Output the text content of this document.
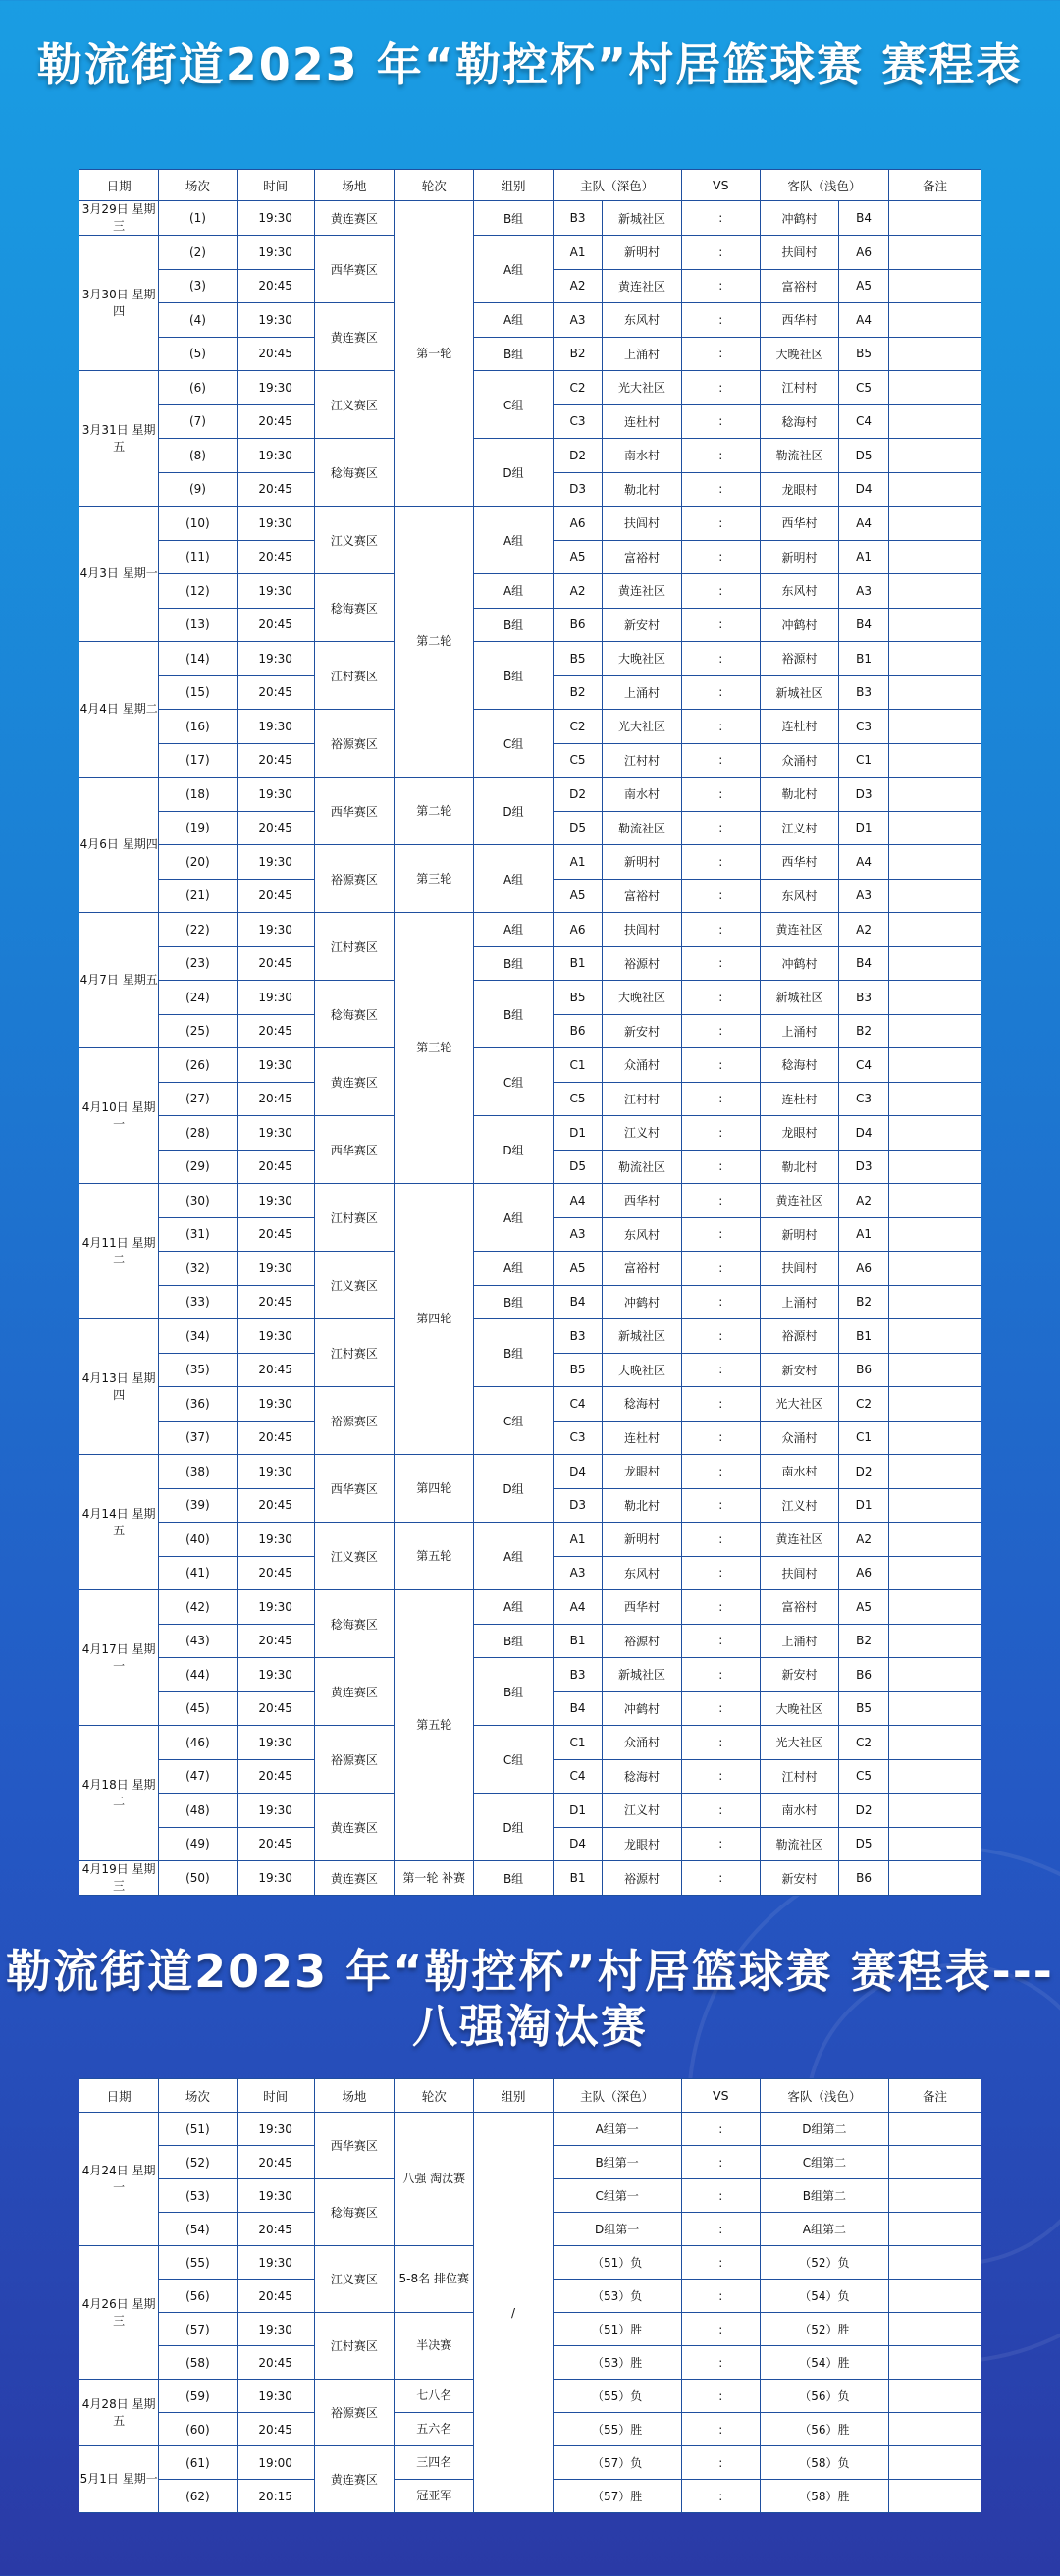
勒流街道2023 年“勒控杯”村居篮球赛 赛程表
勒流街道2023 年“勒控杯”村居篮球赛 赛程表---八强淘汰赛
日期	场次	时间	场地	轮次	组别	主队（深色）		VS	客队（浅色）		备注
3月29日 星期三	(1)	19:30	黄连赛区	第一轮	B组	B3	新城社区	:	冲鹤村	B4	
3月30日 星期四	(2)	19:30	西华赛区		A组	A1	新明村	:	扶闾村	A6	
	(3)	20:45				A2	黄连社区	:	富裕村	A5	
	(4)	19:30	黄连赛区		A组	A3	东风村	:	西华村	A4	
	(5)	20:45			B组	B2	上涌村	:	大晚社区	B5	
3月31日 星期五	(6)	19:30	江义赛区		C组	C2	光大社区	:	江村村	C5	
	(7)	20:45				C3	连杜村	:	稔海村	C4	
	(8)	19:30	稔海赛区		D组	D2	南水村	:	勒流社区	D5	
	(9)	20:45				D3	勒北村	:	龙眼村	D4	
4月3日 星期一	(10)	19:30	江义赛区	第二轮	A组	A6	扶闾村	:	西华村	A4	
	(11)	20:45				A5	富裕村	:	新明村	A1	
	(12)	19:30	稔海赛区		A组	A2	黄连社区	:	东风村	A3	
	(13)	20:45			B组	B6	新安村	:	冲鹤村	B4	
4月4日 星期二	(14)	19:30	江村赛区		B组	B5	大晚社区	:	裕源村	B1	
	(15)	20:45				B2	上涌村	:	新城社区	B3	
	(16)	19:30	裕源赛区		C组	C2	光大社区	:	连杜村	C3	
	(17)	20:45				C5	江村村	:	众涌村	C1	
4月6日 星期四	(18)	19:30	西华赛区	第二轮	D组	D2	南水村	:	勒北村	D3	
	(19)	20:45				D5	勒流社区	:	江义村	D1	
	(20)	19:30	裕源赛区	第三轮	A组	A1	新明村	:	西华村	A4	
	(21)	20:45				A5	富裕村	:	东风村	A3	
4月7日 星期五	(22)	19:30	江村赛区	第三轮	A组	A6	扶闾村	:	黄连社区	A2	
	(23)	20:45			B组	B1	裕源村	:	冲鹤村	B4	
	(24)	19:30	稔海赛区		B组	B5	大晚社区	:	新城社区	B3	
	(25)	20:45				B6	新安村	:	上涌村	B2	
4月10日 星期一	(26)	19:30	黄连赛区		C组	C1	众涌村	:	稔海村	C4	
	(27)	20:45				C5	江村村	:	连杜村	C3	
	(28)	19:30	西华赛区		D组	D1	江义村	:	龙眼村	D4	
	(29)	20:45				D5	勒流社区	:	勒北村	D3	
4月11日 星期二	(30)	19:30	江村赛区	第四轮	A组	A4	西华村	:	黄连社区	A2	
	(31)	20:45				A3	东风村	:	新明村	A1	
	(32)	19:30	江义赛区		A组	A5	富裕村	:	扶闾村	A6	
	(33)	20:45			B组	B4	冲鹤村	:	上涌村	B2	
4月13日 星期四	(34)	19:30	江村赛区		B组	B3	新城社区	:	裕源村	B1	
	(35)	20:45				B5	大晚社区	:	新安村	B6	
	(36)	19:30	裕源赛区		C组	C4	稔海村	:	光大社区	C2	
	(37)	20:45				C3	连杜村	:	众涌村	C1	
4月14日 星期五	(38)	19:30	西华赛区	第四轮	D组	D4	龙眼村	:	南水村	D2	
	(39)	20:45				D3	勒北村	:	江义村	D1	
	(40)	19:30	江义赛区	第五轮	A组	A1	新明村	:	黄连社区	A2	
	(41)	20:45				A3	东风村	:	扶闾村	A6	
4月17日 星期一	(42)	19:30	稔海赛区	第五轮	A组	A4	西华村	:	富裕村	A5	
	(43)	20:45			B组	B1	裕源村	:	上涌村	B2	
	(44)	19:30	黄连赛区		B组	B3	新城社区	:	新安村	B6	
	(45)	20:45				B4	冲鹤村	:	大晚社区	B5	
4月18日 星期二	(46)	19:30	裕源赛区		C组	C1	众涌村	:	光大社区	C2	
	(47)	20:45				C4	稔海村	:	江村村	C5	
	(48)	19:30	黄连赛区		D组	D1	江义村	:	南水村	D2	
	(49)	20:45				D4	龙眼村	:	勒流社区	D5	
4月19日 星期三	(50)	19:30	黄连赛区	第一轮 补赛	B组	B1	裕源村	:	新安村	B6	
日期	场次	时间	场地	轮次	组别	主队（深色）	VS	客队（浅色）	备注
4月24日 星期一	(51)	19:30	西华赛区	八强 淘汰赛	/	A组第一	:	D组第二	
	(52)	20:45				B组第一	:	C组第二	
	(53)	19:30	稔海赛区			C组第一	:	B组第二	
	(54)	20:45				D组第一	:	A组第二	
4月26日 星期三	(55)	19:30	江义赛区	5-8名 排位赛		（51）负	:	（52）负	
	(56)	20:45				（53）负	:	（54）负	
	(57)	19:30	江村赛区	半决赛		（51）胜	:	（52）胜	
	(58)	20:45				（53）胜	:	（54）胜	
4月28日 星期五	(59)	19:30	裕源赛区	七八名		（55）负	:	（56）负	
	(60)	20:45		五六名		（55）胜	:	（56）胜	
5月1日 星期一	(61)	19:00	黄连赛区	三四名		（57）负	:	（58）负	
	(62)	20:15		冠亚军		（57）胜	:	（58）胜	
